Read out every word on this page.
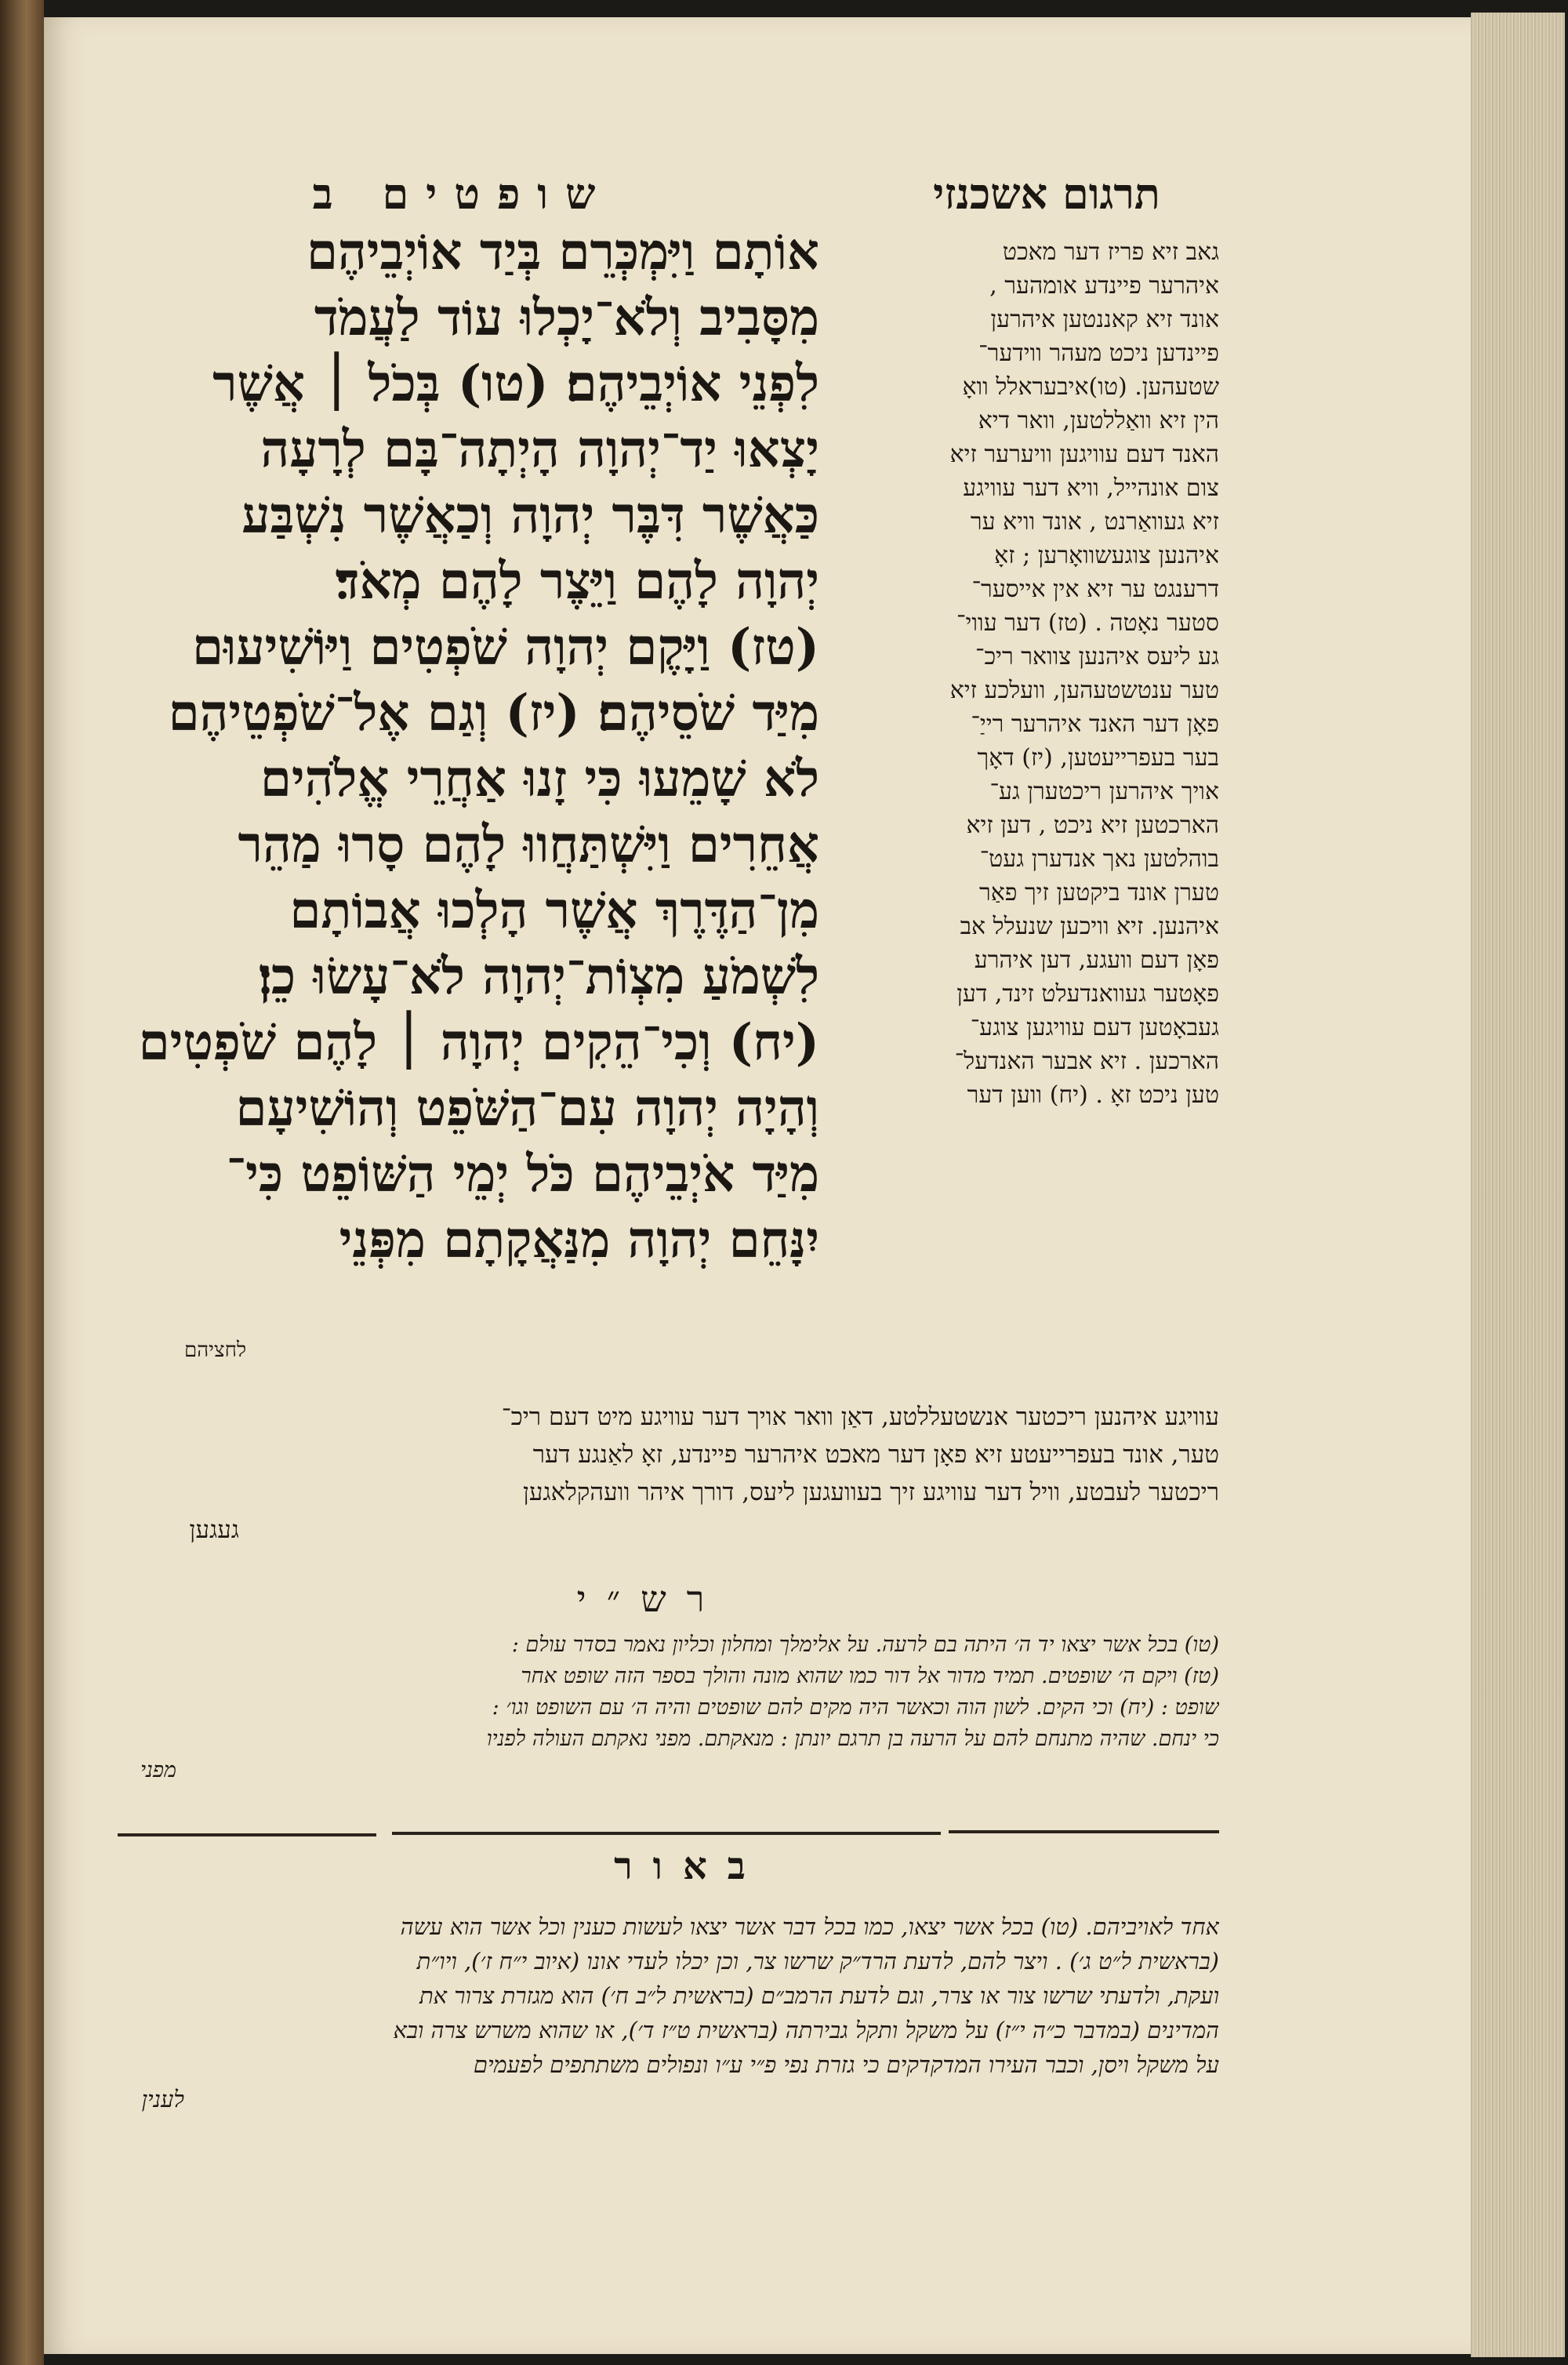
תרגום אשכנזי
שופטים ב
אוֹתָם וַיִּמְכְּרֵם בְּיַד אוֹיְבֵיהֶם
מִסָּבִיב וְלֹא־יָכְלוּ עוֹד לַעֲמֹד
לִפְנֵי אוֹיְבֵיהֶם׃ (טו) בְּכֹל ׀ אֲשֶׁר
יָצְאוּ יַד־יְהוָה הָיְתָה־בָּם לְרָעָה
כַּאֲשֶׁר דִּבֶּר יְהוָה וְכַאֲשֶׁר נִשְׁבַּע
יְהוָה לָהֶם וַיֵּצֶר לָהֶם מְאֹד׃
(טז) וַיָּקֶם יְהוָה שֹׁפְטִים וַיּוֹשִׁיעוּם
מִיַּד שֹׁסֵיהֶם׃ (יז) וְגַם אֶל־שֹׁפְטֵיהֶם
לֹא שָׁמֵעוּ כִּי זָנוּ אַחֲרֵי אֱלֹהִים
אֲחֵרִים וַיִּשְׁתַּחֲווּ לָהֶם סָרוּ מַהֵר
מִן־הַדֶּרֶךְ אֲשֶׁר הָלְכוּ אֲבוֹתָם
לִשְׁמֹעַ מִצְוֹת־יְהוָה לֹא־עָשׂוּ כֵן׃
(יח) וְכִי־הֵקִים יְהוָה ׀ לָהֶם שֹׁפְטִים
וְהָיָה יְהוָה עִם־הַשֹּׁפֵט וְהוֹשִׁיעָם
מִיַּד אֹיְבֵיהֶם כֹּל יְמֵי הַשּׁוֹפֵט כִּי־
יִנָּחֵם יְהוָה מִנַּאֲקָתָם מִפְּנֵי
לחציהם
גאב זיא פריז דער מאכט
איהרער פיינדע אומהער ,
אונד זיא קאננטען איהרען
פיינדען ניכט מעהר ווידער־
שטעהען. (טו)איבעראלל וואָ
הין זיא וואַללטען, וואר דיא
האנד דעם עוויגען וויערער זיא
צום אונהייל, וויא דער עוויגע
זיא געוואַרנט , אונד וויא ער
איהנען צוגעשוואָרען ; זאָ
דרענגט ער זיא אין אייסער־
סטער נאָטה . (טז) דער עווי־
גע ליעס איהנען צוואר ריכ־
טער ענטשטעהען, וועלכע זיא
פאָן דער האנד איהרער רייַ־
בער בעפרייעטען, (יז) דאָך
אויך איהרען ריכטערן גע־
הארכטען זיא ניכט , דען זיא
בוהלטען נאך אנדערן געט־
טערן אונד ביקטען זיך פאַר
איהנען. זיא וויכען שנעלל אב
פאָן דעם וועגע, דען איהרע
פאָטער געוואנדעלט זינד, דען
געבאָטען דעם עוויגען צוגע־
הארכען . זיא אבער האנדעל־
טען ניכט זאָ . (יח) ווען דער
עוויגע איהנען ריכטער אנשטעללטע, דאַן וואר אויך דער עוויגע מיט דעם ריכ־
טער, אונד בעפרייעטע זיא פאָן דער מאכט איהרער פיינדע, זאָ לאַנגע דער
ריכטער לעבטע, וויל דער עוויגע זיך בעוועגען ליעס, דורך איהר וועהקלאגען
געגען
רש״י
(טו) בכל אשר יצאו יד ה׳ היתה בם לרעה. על אלימלך ומחלון וכליון נאמר בסדר עולם :
(טז) ויקם ה׳ שופטים. תמיד מדור אל דור כמו שהוא מונה והולך בספר הזה שופט אחר
שופט : (יח) וכי הקים. לשון הוה וכאשר היה מקים להם שופטים והיה ה׳ עם השופט וגו׳ :
כי ינחם. שהיה מתנחם להם על הרעה בן תרגם יונתן : מנאקתם. מפני נאקתם העולה לפניו
מפני
באור
אחד לאויביהם. (טו) בכל אשר יצאו, כמו בכל דבר אשר יצאו לעשות כענין וכל אשר הוא עשה
(בראשית ל״ט ג׳) . ויצר להם, לדעת הרד״ק שרשו צר, וכן יכלו לעדי אונו (איוב י״ח ז׳), ויו״ת
ועקת, ולדעתי שרשו צור או צרר, וגם לדעת הרמב״ם (בראשית ל״ב ח׳) הוא מגזרת צרור את
המדינים (במדבר כ״ה י״ז) על משקל ותקל גבירתה (בראשית ט״ז ד׳), או שהוא משרש צרה ובא
על משקל ויסן, וכבר העירו המדקדקים כי גזרת נפי פ״י ע״ו ונפולים משתתפים לפעמים
לענין
